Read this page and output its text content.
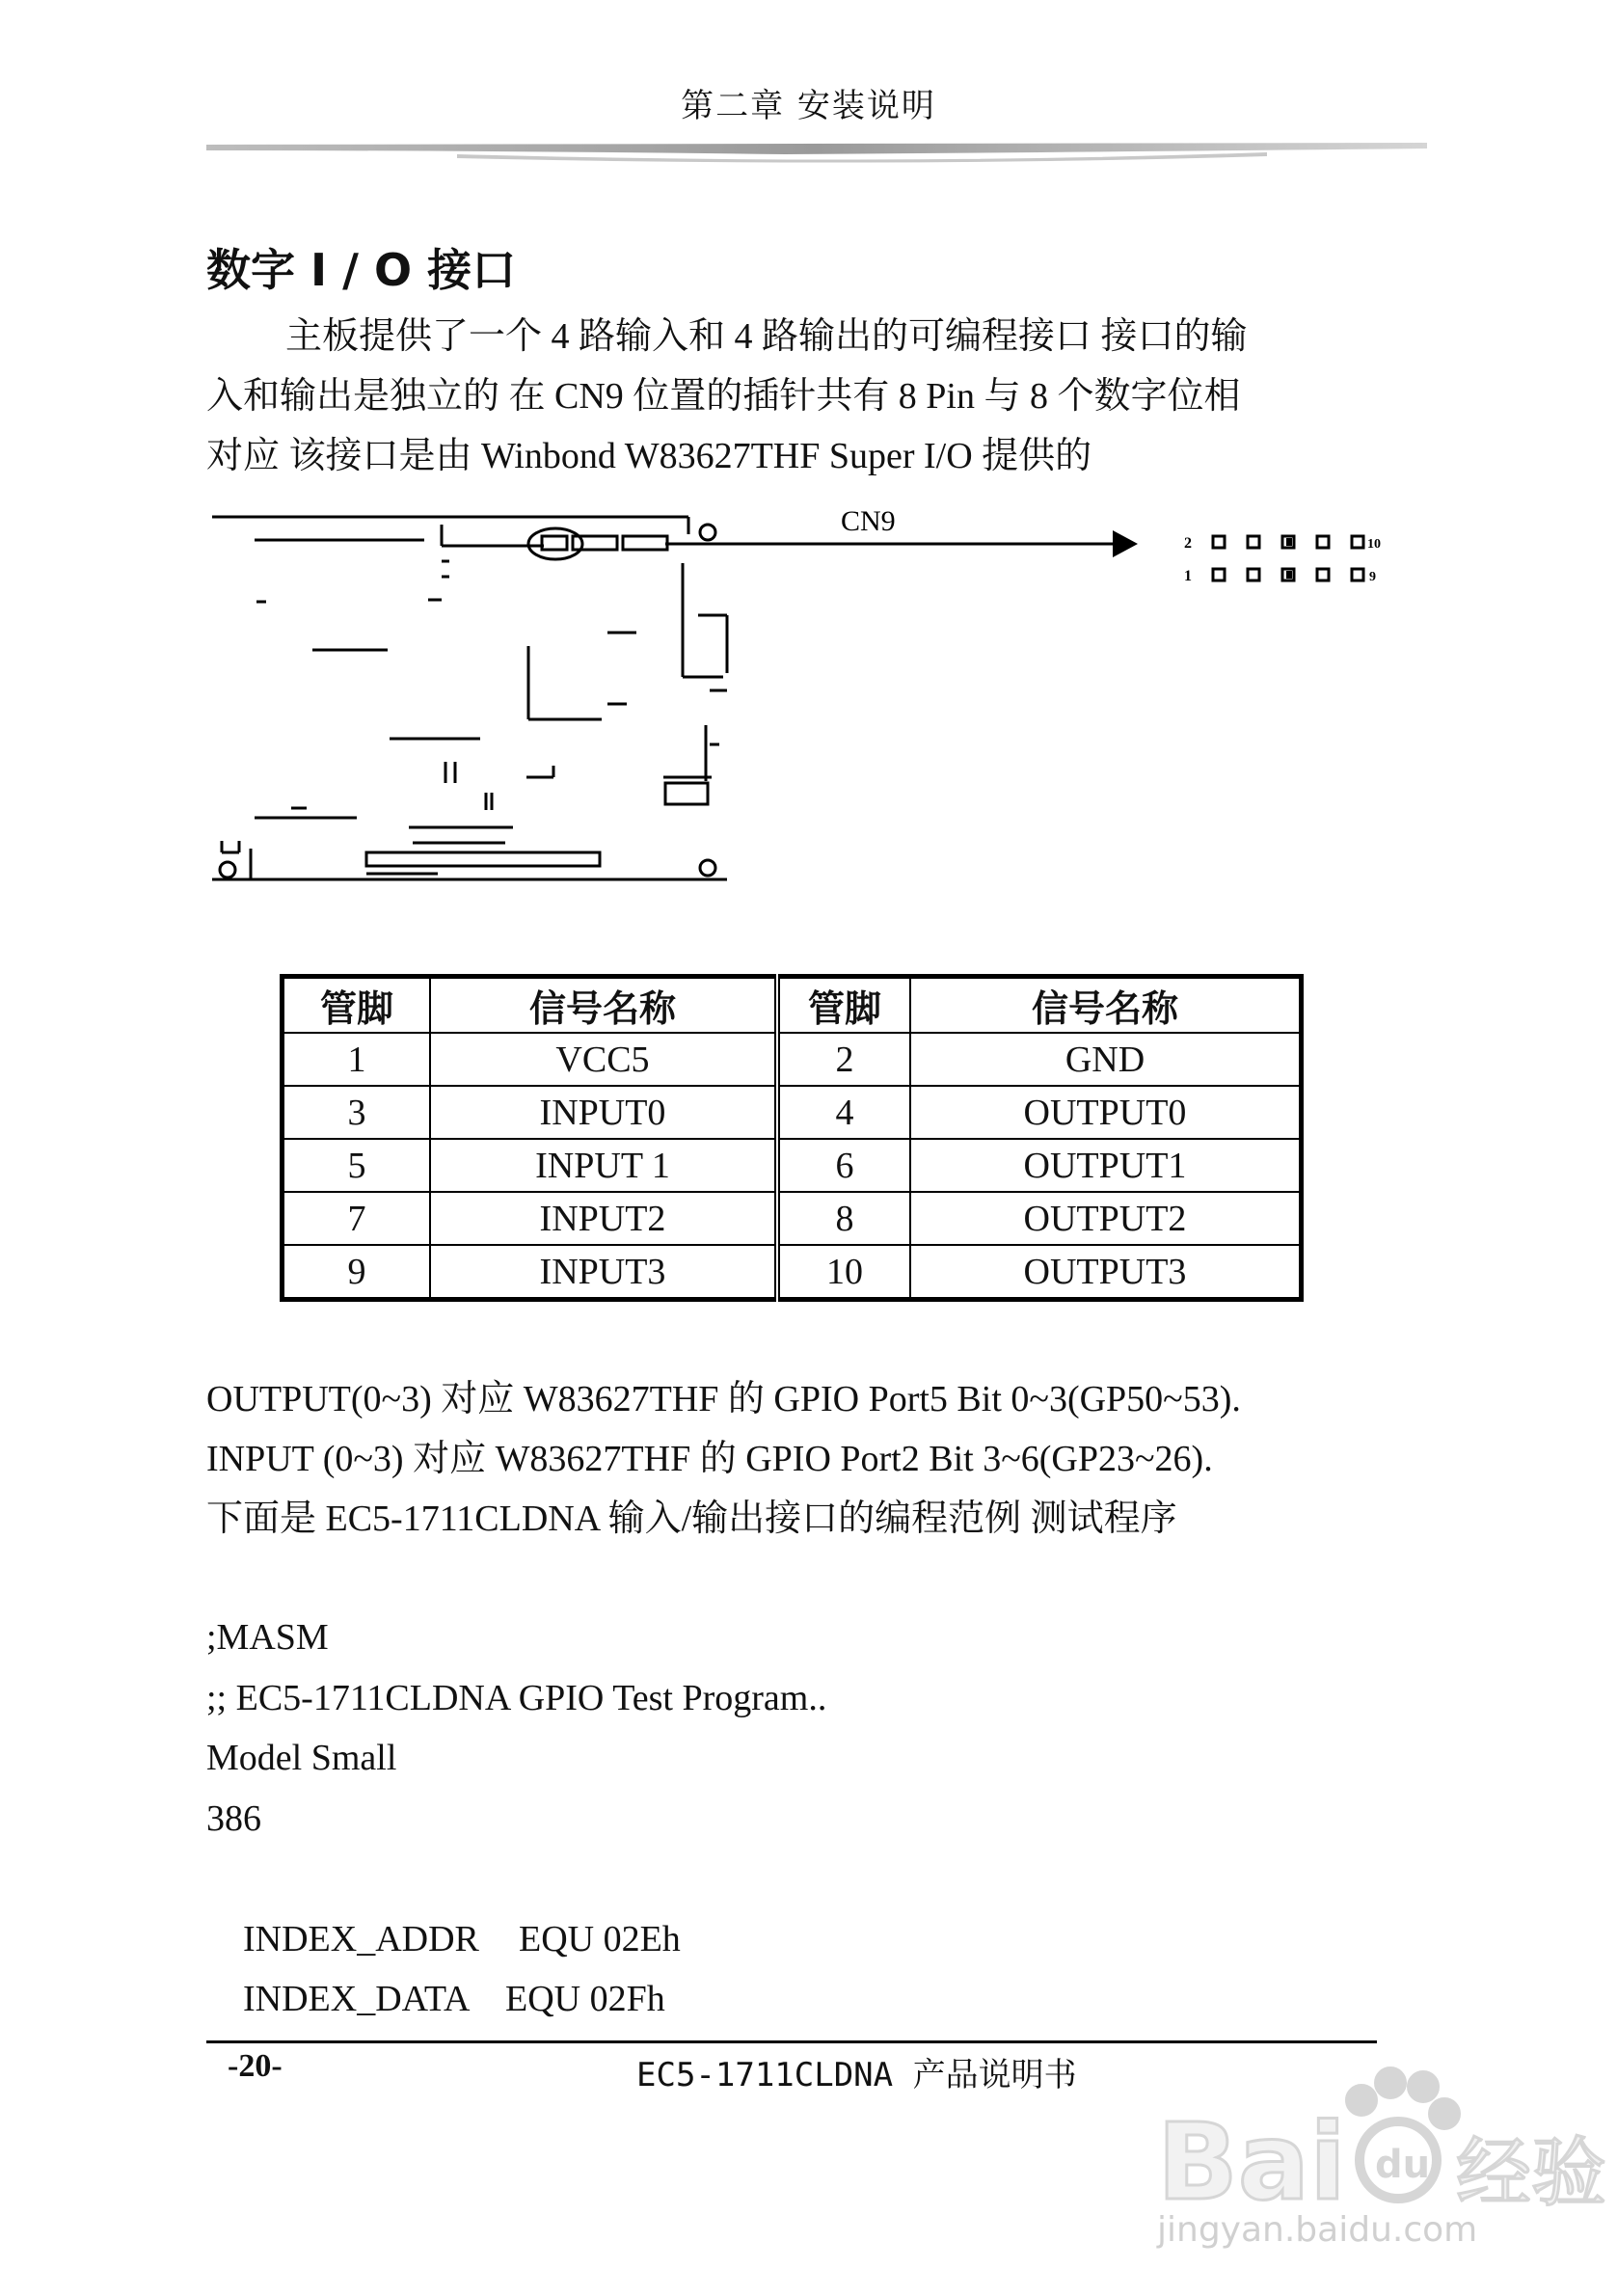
第二章 安装说明
数字 I / O 接口
主板提供了一个 4 路输入和 4 路输出的可编程接口 接口的输
入和输出是独立的 在 CN9 位置的插针共有 8 Pin 与 8 个数字位相
对应 该接口是由 Winbond W83627THF Super I/O 提供的
CN9
2	10
1	9
管脚	信号名称	管脚	信号名称
1	VCC5	2	GND
3	INPUT0	4	OUTPUT0
5	INPUT 1	6	OUTPUT1
7	INPUT2	8	OUTPUT2
9	INPUT3	10	OUTPUT3
OUTPUT(0~3) 对应 W83627THF 的 GPIO Port5 Bit 0~3(GP50~53).
INPUT (0~3) 对应 W83627THF 的 GPIO Port2 Bit 3~6(GP23~26).
下面是 EC5-1711CLDNA 输入/输出接口的编程范例 测试程序
;MASM
;; EC5-1711CLDNA GPIO Test Program..
Model Small
386

INDEX_ADDR EQU 02Eh

INDEX_DATA EQU 02Fh

-20-	EC5-1711CLDNA 产品说明书
Bai du 经验
jingyan.baidu.com
